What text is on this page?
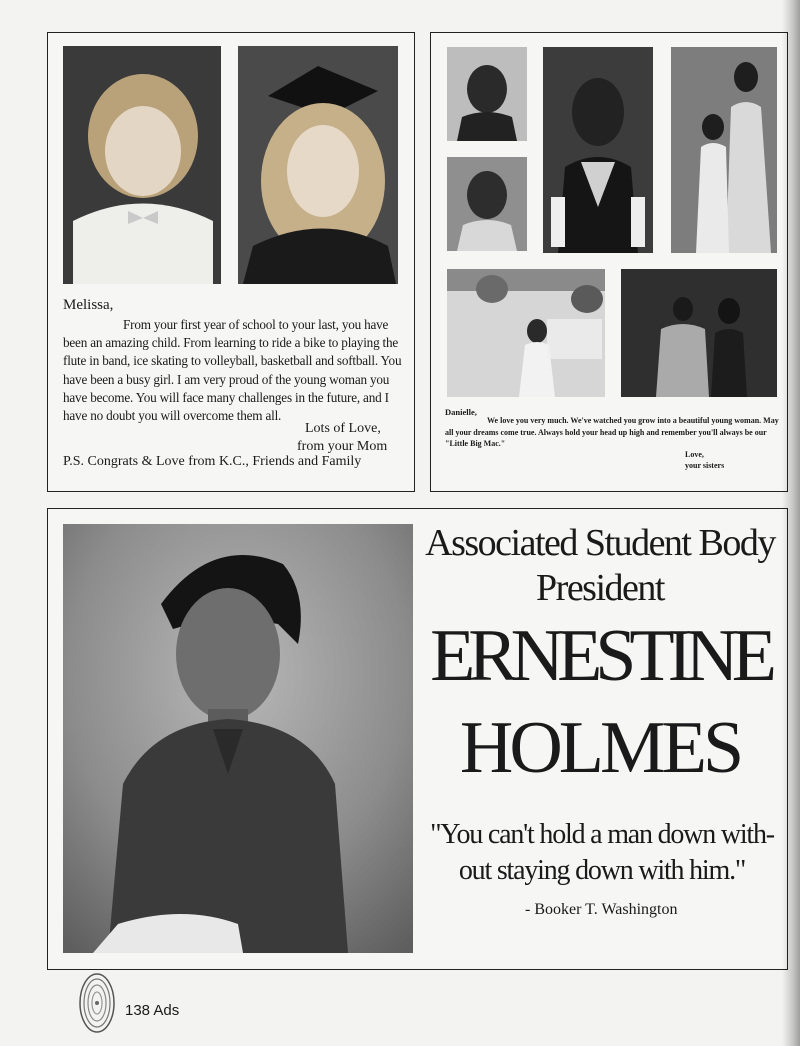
Melissa,
From your first year of school to your last, you have been an amazing child. From learning to ride a bike to playing the flute in band, ice skating to volleyball, basketball and softball. You have been a busy girl. I am very proud of the young woman you have become. You will face many challenges in the future, and I have no doubt you will overcome them all.
Lots of Love,
from your Mom
P.S. Congrats & Love from K.C., Friends and Family
Danielle,
We love you very much. We've watched you grow into a beautiful young woman. May all your dreams come true. Always hold your head up high and remember you'll always be our "Little Big Mac."
Love,
your sisters
Associated Student Body
President
ERNESTINE
HOLMES
"You can't hold a man down with-
out staying down with him."
- Booker T. Washington
138 Ads
